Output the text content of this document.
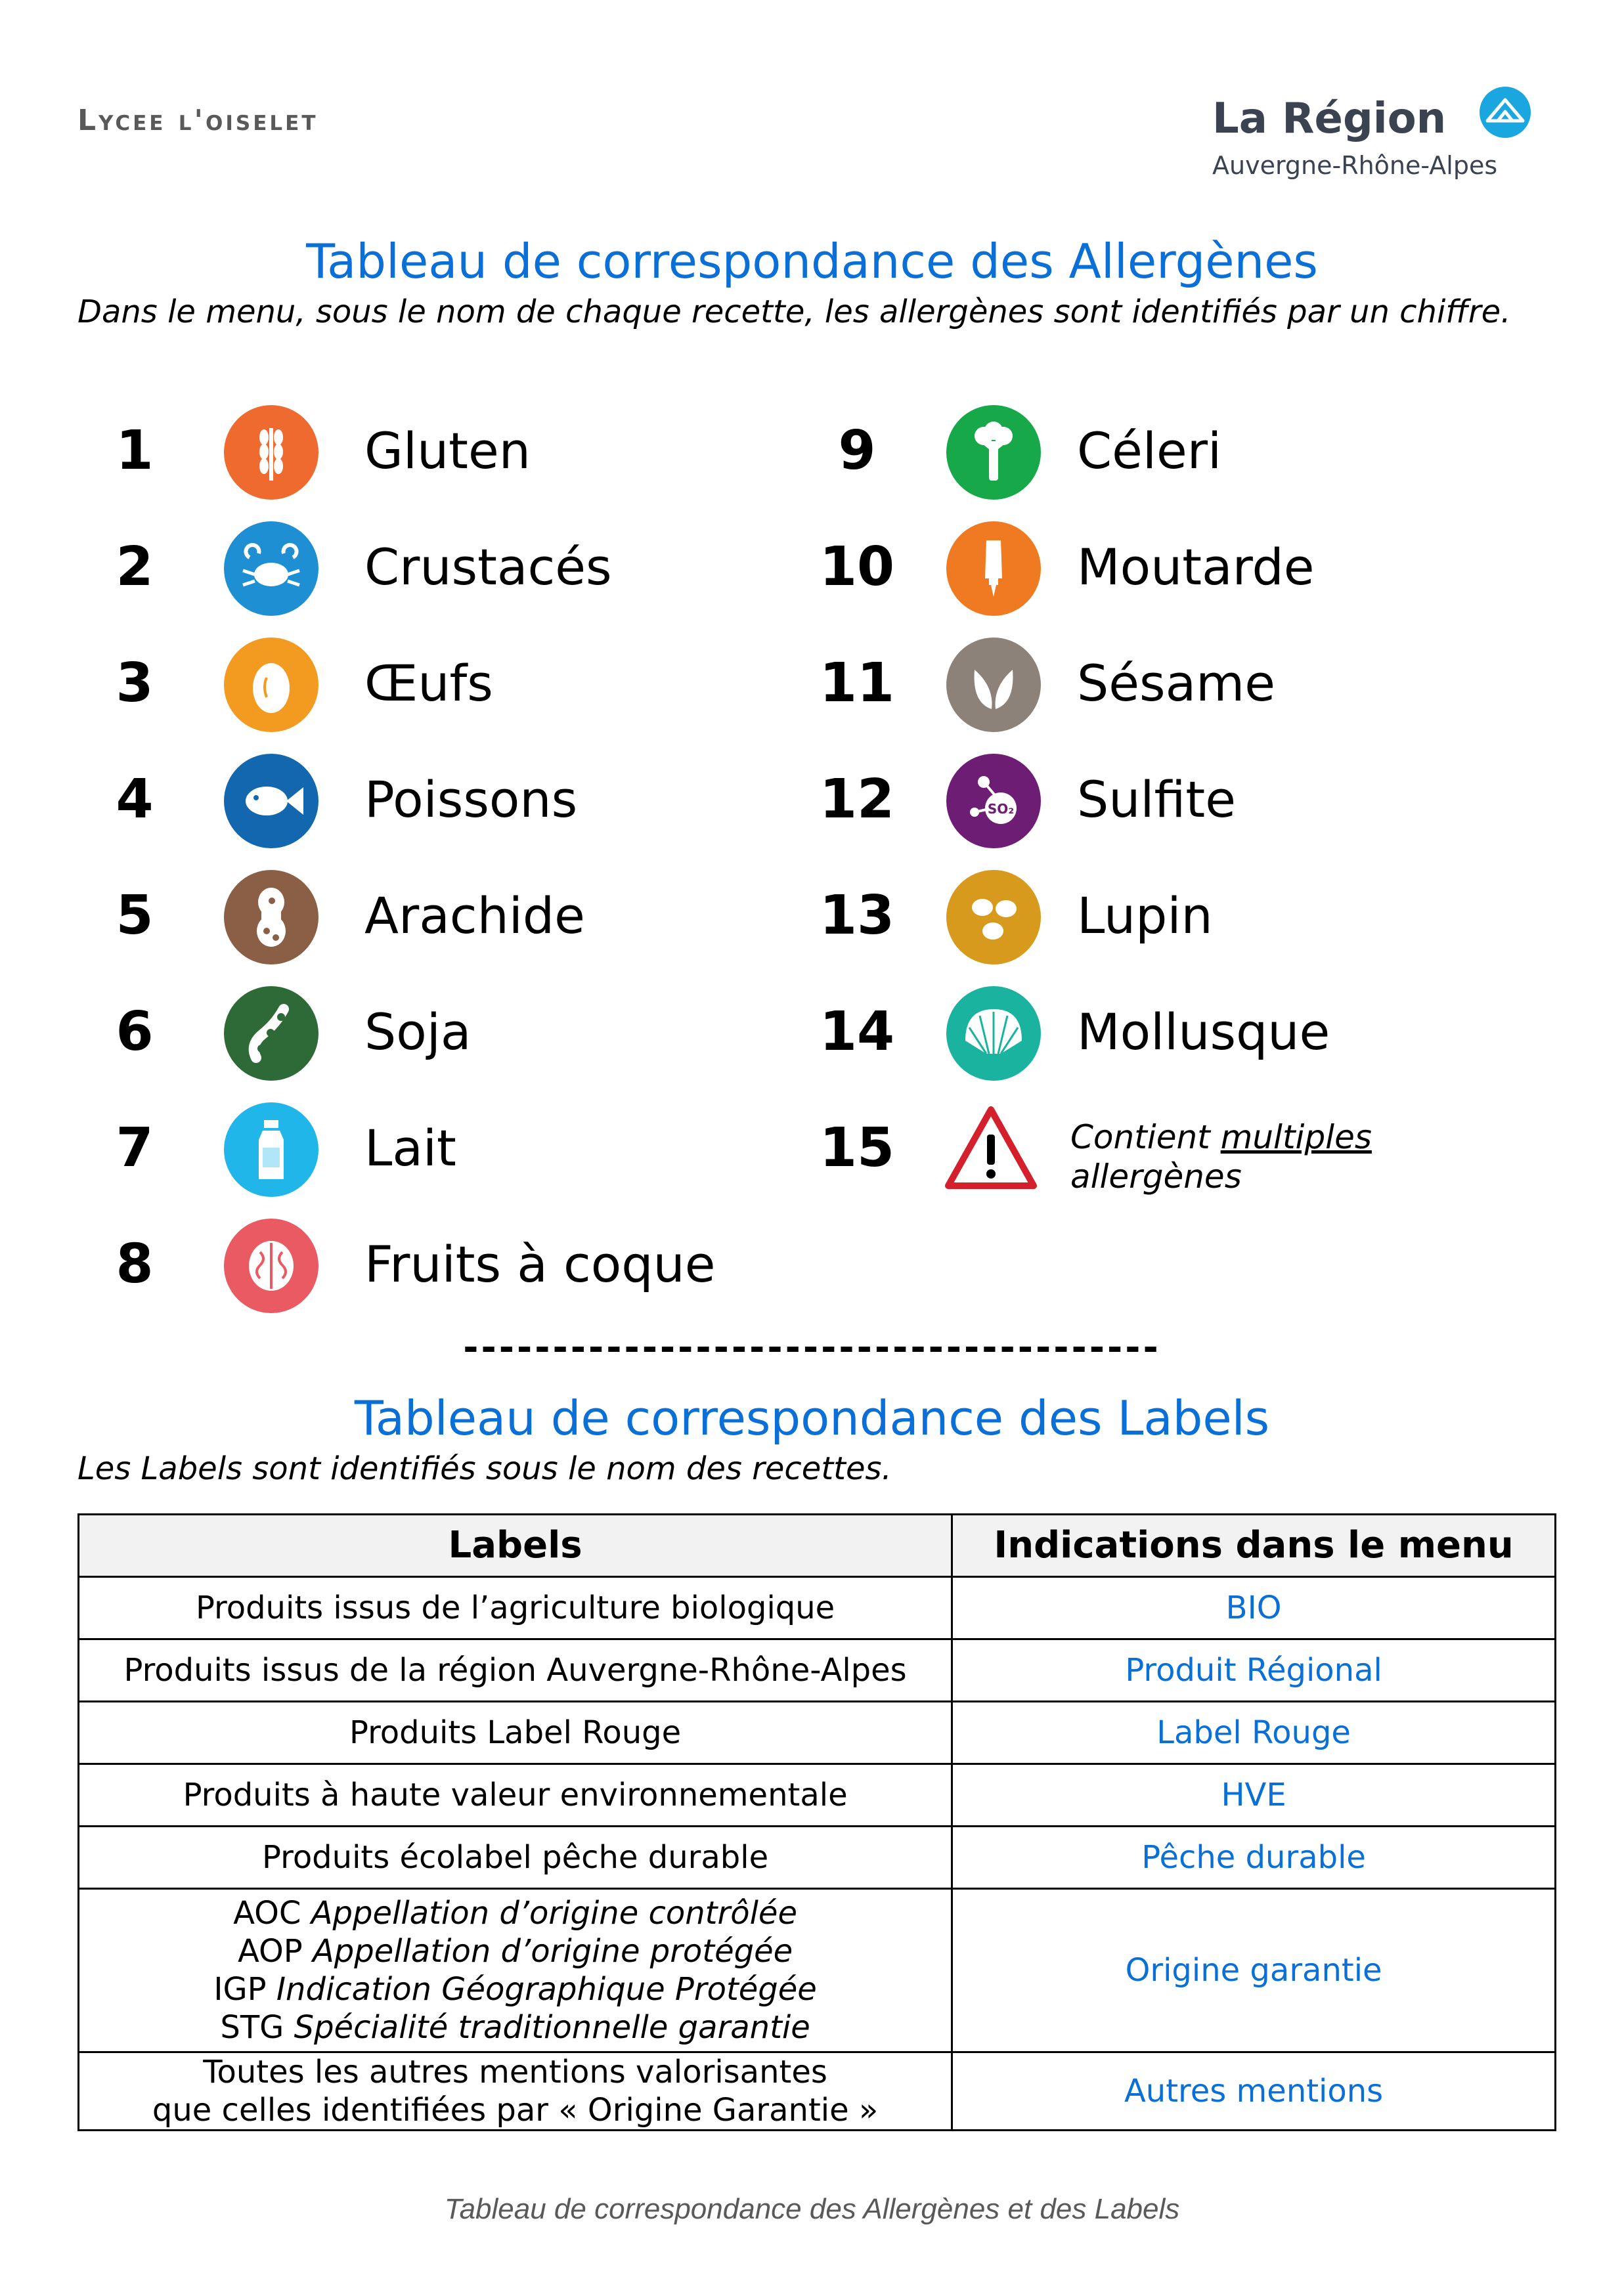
Lycee l'oiselet	La Région
Auvergne-Rhône-Alpes
Tableau de correspondance des Allergènes
Dans le menu, sous le nom de chaque recette, les allergènes sont identifiés par un chiffre.
1	Gluten
2	Crustacés
3	Œufs
4	Poissons
5	Arachide
6	Soja
7	Lait
8	Fruits à coque
9	Céleri
10	Moutarde
11	Sésame
12	SO₂ Sulfite
13	Lupin
14	Mollusque
15	Contient multiples
allergènes
---------------------------------------
Tableau de correspondance des Labels
Les Labels sont identifiés sous le nom des recettes.
Labels	Indications dans le menu
Produits issus de l’agriculture biologique	BIO
Produits issus de la région Auvergne-Rhône-Alpes	Produit Régional
Produits Label Rouge	Label Rouge
Produits à haute valeur environnementale	HVE
Produits écolabel pêche durable	Pêche durable

AOC Appellation d’origine contrôlée
AOP Appellation d’origine protégée
IGP Indication Géographique Protégée
STG Spécialité traditionnelle garantie	Origine garantie

Toutes les autres mentions valorisantes
que celles identifiées par « Origine Garantie »	Autres mentions
Tableau de correspondance des Allergènes et des Labels
